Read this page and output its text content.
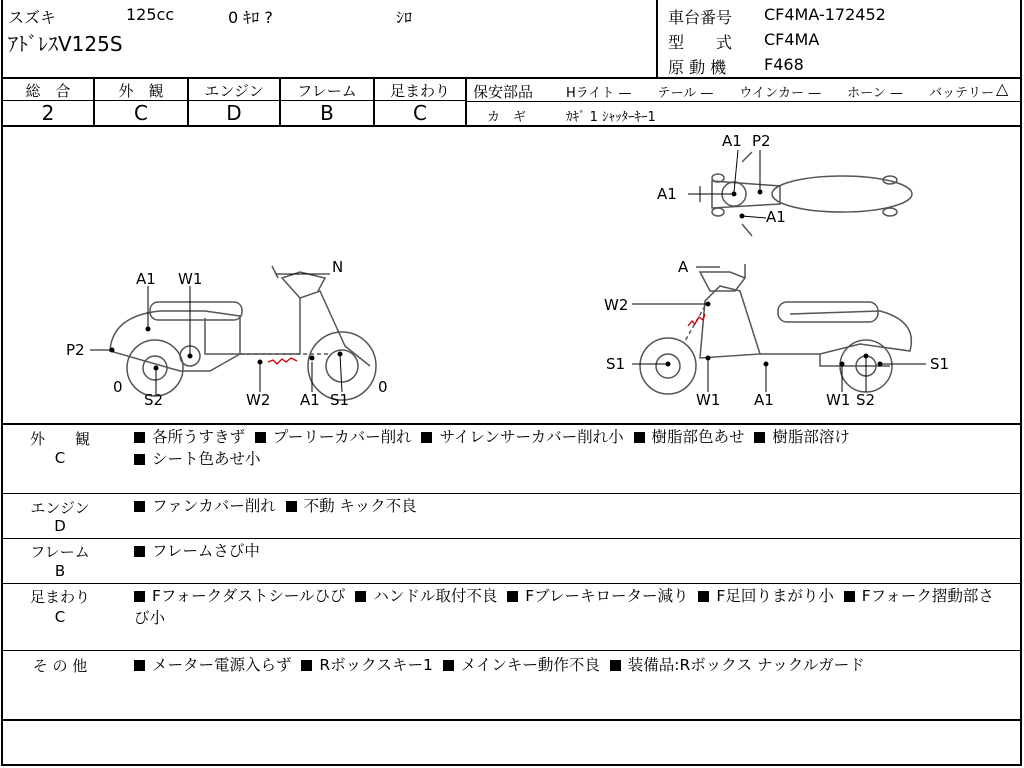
スズキ	125cc	0 ｷﾛ ?	ｼﾛ
ｱﾄﾞﾚｽV125S
車台番号 CF4MA-172452
型　　式 CF4MA
原 動 機 F468
総　合
2
外　観
C
エンジン
D
フレーム
B
足まわり
C
保安部品	Hライト —　　テール —　　ウインカー —　　ホーン —　　バッテリー △
カ　ギ	ｶｷﾞ 1 ｼｬｯﾀｰｷｰ1
A1
A1 P2
A1
A1 W1
N
P2
0
S2	W2 A1 S1
0
A
W2
S1
W1 A1	W1 S2
S1
外　　観
C
各所うすきず プーリーカバー削れ サイレンサーカバー削れ小 樹脂部色あせ 樹脂部溶け
シート色あせ小
エンジン
D
ファンカバー削れ 不動 キック不良
フレーム
B
フレームさび中
足まわり
C
Fフォークダストシールひび ハンドル取付不良 Fブレーキローター減り F足回りまがり小 Fフォーク摺動部さび小
そ の 他	メーター電源入らず Rボックスキー1 メインキー動作不良 装備品:Rボックス ナックルガード
